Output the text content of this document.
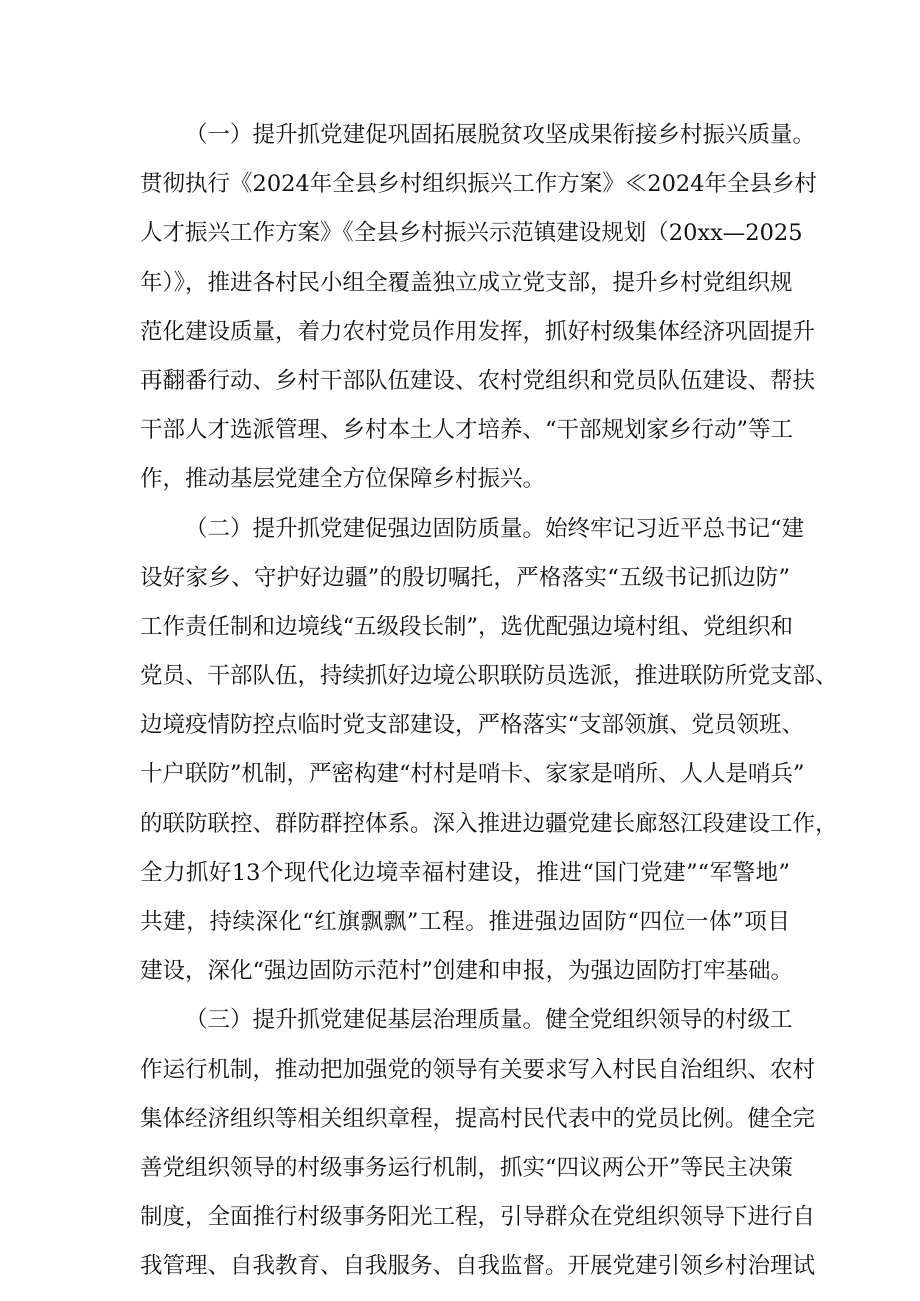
（一）提升抓党建促巩固拓展脱贫攻坚成果衔接乡村振兴质量。
贯彻执行《2024年全县乡村组织振兴工作方案》≪2024年全县乡村
人才振兴工作方案》《全县乡村振兴示范镇建设规划（20xx—2025
年）》，推进各村民小组全覆盖独立成立党支部，提升乡村党组织规
范化建设质量，着力农村党员作用发挥，抓好村级集体经济巩固提升
再翻番行动、乡村干部队伍建设、农村党组织和党员队伍建设、帮扶
干部人才选派管理、乡村本土人才培养、“干部规划家乡行动”等工
作，推动基层党建全方位保障乡村振兴。
（二）提升抓党建促强边固防质量。始终牢记习近平总书记“建
设好家乡、守护好边疆”的殷切嘱托，严格落实“五级书记抓边防”
工作责任制和边境线“五级段长制”，选优配强边境村组、党组织和
党员、干部队伍，持续抓好边境公职联防员选派，推进联防所党支部、
边境疫情防控点临时党支部建设，严格落实“支部领旗、党员领班、
十户联防”机制，严密构建“村村是哨卡、家家是哨所、人人是哨兵”
的联防联控、群防群控体系。深入推进边疆党建长廊怒江段建设工作，
全力抓好13个现代化边境幸福村建设，推进“国门党建”“军警地”
共建，持续深化“红旗飘飘”工程。推进强边固防“四位一体”项目
建设，深化“强边固防示范村”创建和申报，为强边固防打牢基础。
（三）提升抓党建促基层治理质量。健全党组织领导的村级工
作运行机制，推动把加强党的领导有关要求写入村民自治组织、农村
集体经济组织等相关组织章程，提高村民代表中的党员比例。健全完
善党组织领导的村级事务运行机制，抓实“四议两公开”等民主决策
制度，全面推行村级事务阳光工程，引导群众在党组织领导下进行自
我管理、自我教育、自我服务、自我监督。开展党建引领乡村治理试
